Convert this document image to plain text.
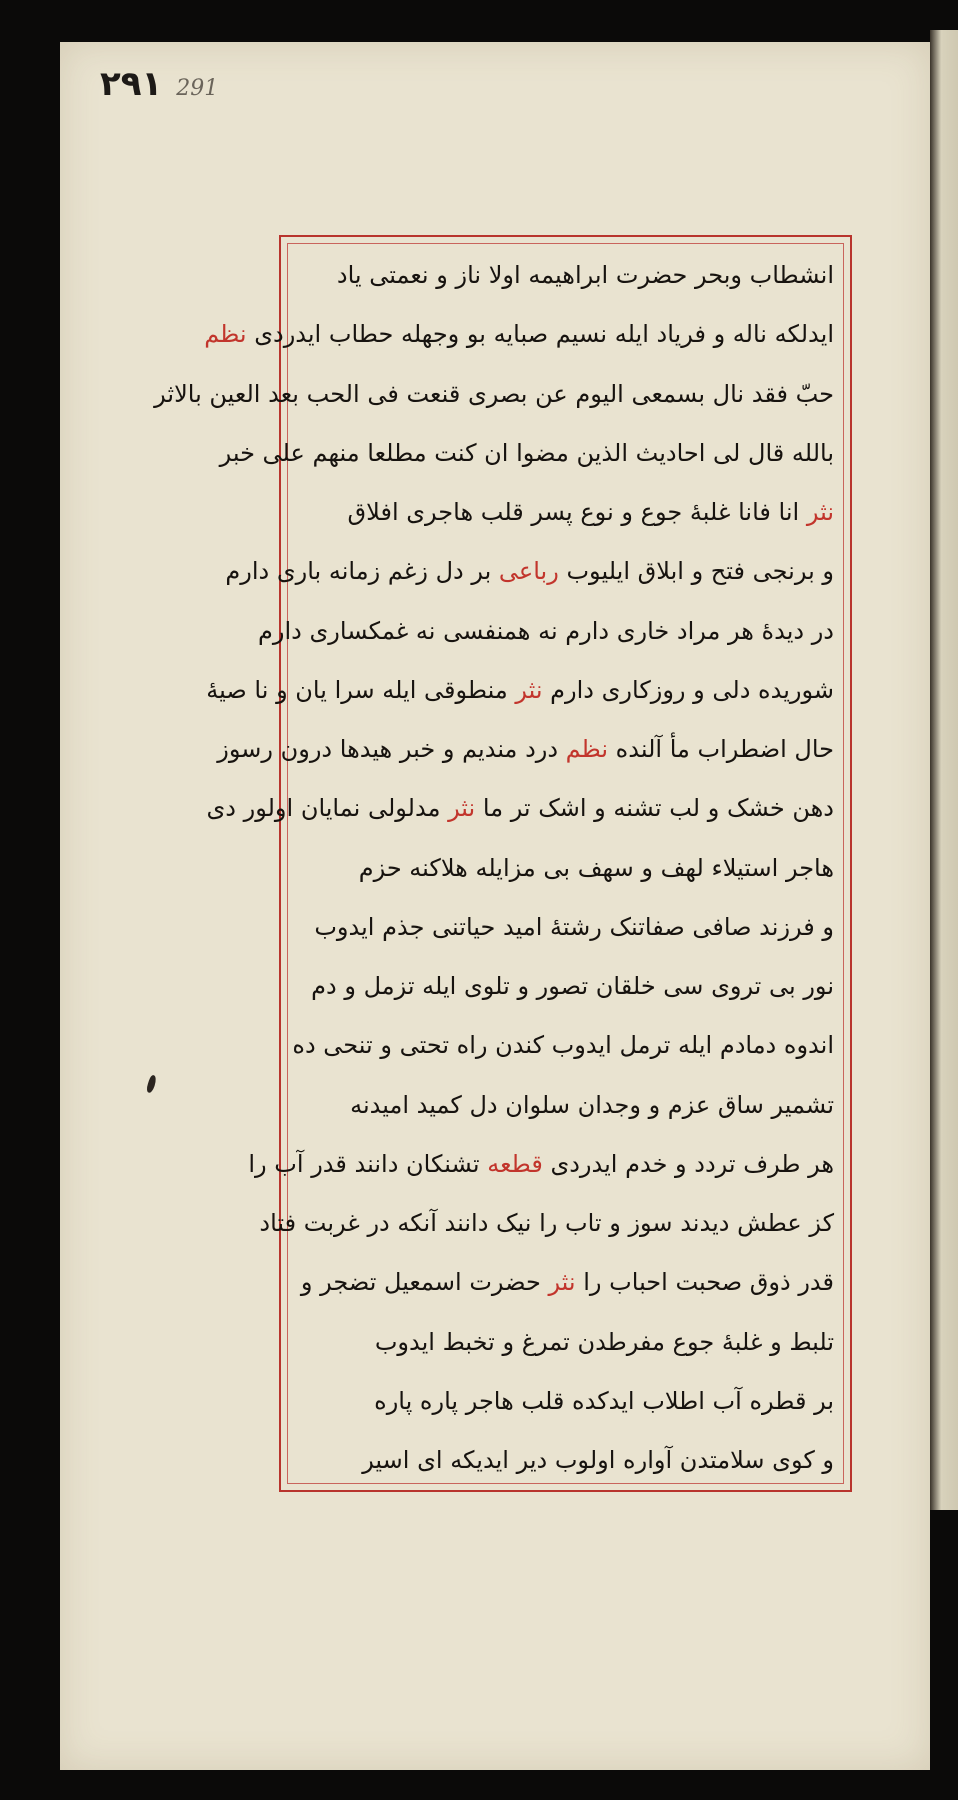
۲۹۱ 291
انشطاب وبحر حضرت ابراهیمه اولا ناز و نعمتی یاد
ایدلکه ناله و فریاد ایله نسیم صبایه بو وجهله حطاب ایدردی نظم
حبّ فقد نال بسمعی الیوم عن بصری قنعت فی الحب بعد العین بالاثر
بالله قال لی احادیث الذین مضوا ان کنت مطلعا منهم علی خبر
نثر انا فانا غلبهٔ جوع و نوع پسر قلب هاجری افلاق
و برنجی فتح و ابلاق ایلیوب رباعی بر دل زغم زمانه باری دارم
در دیدهٔ هر مراد خاری دارم نه همنفسی نه غمکساری دارم
شوریده دلی و روزکاری دارم نثر منطوقی ایله سرا یان و نا صیهٔ
حال اضطراب مأ آلنده نظم درد مندیم و خبر هیدها درون رسوز
دهن خشک و لب تشنه و اشک تر ما نثر مدلولی نمایان اولور دی
هاجر استیلاء لهف و سهف بی مزایله هلاکنه حزم
و فرزند صافی صفاتنک رشتهٔ امید حیاتنی جذم ایدوب
نور بی تروی سی خلقان تصور و تلوی ایله تزمل و دم
اندوه دمادم ایله ترمل ایدوب کندن راه تحتی و تنحی ده
تشمیر ساق عزم و وجدان سلوان دل کمید امیدنه
هر طرف تردد و خدم ایدردی قطعه تشنکان دانند قدر آب را
کز عطش دیدند سوز و تاب را نیک دانند آنکه در غربت فتاد
قدر ذوق صحبت احباب را نثر حضرت اسمعیل تضجر و
تلبط و غلبهٔ جوع مفرطدن تمرغ و تخبط ایدوب
بر قطره آب اطلاب ایدکده قلب هاجر پاره پاره
و کوی سلامتدن آواره اولوب دیر ایدیکه ای اسیر
